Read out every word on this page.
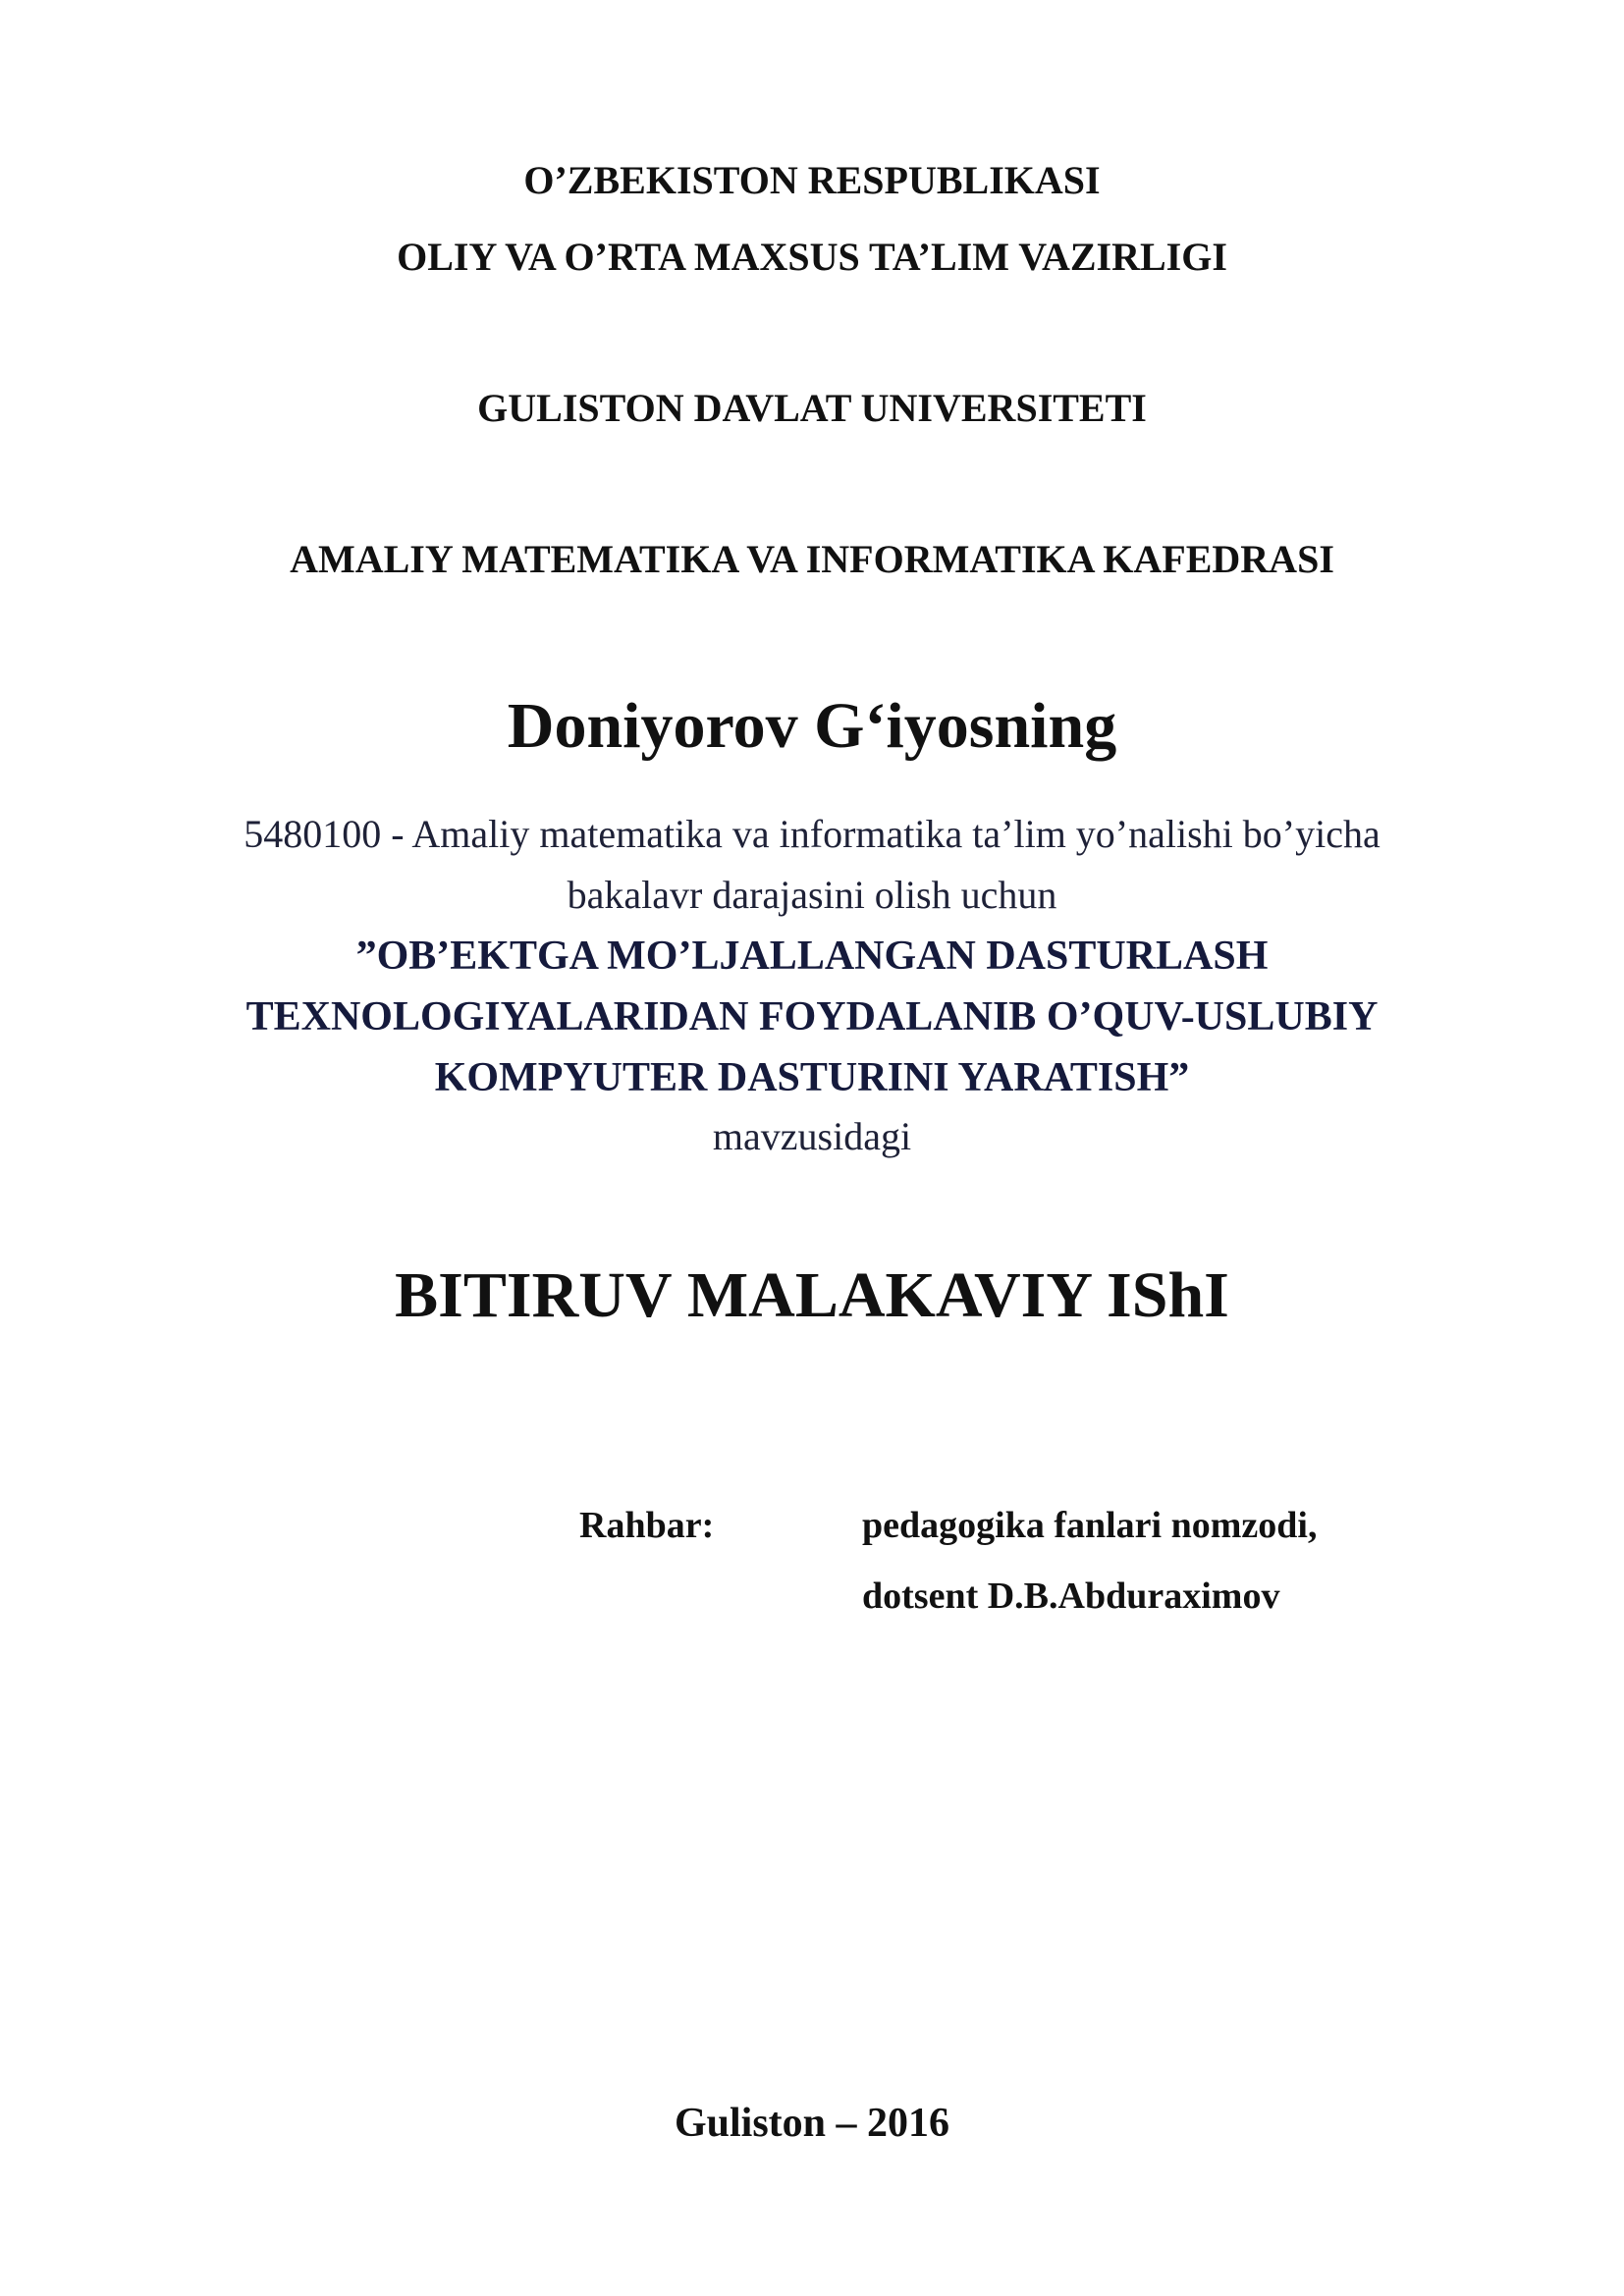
O’ZBEKISTON RESPUBLIKASI

OLIY VA O’RTA MAXSUS TA’LIM VAZIRLIGI

GULISTON DAVLAT UNIVERSITETI

AMALIY MATEMATIKA VA INFORMATIKA KAFEDRASI

Doniyorov G‘iyosning

5480100 - Amaliy matematika va informatika ta’lim yo’nalishi bo’yicha

bakalavr darajasini olish uchun

”OB’EKTGA MO’LJALLANGAN DASTURLASH

TEXNOLOGIYALARIDAN FOYDALANIB O’QUV-USLUBIY

KOMPYUTER DASTURINI YARATISH”

mavzusidagi

BITIRUV MALAKAVIY IShI

Rahbar:	pedagogika fanlari nomzodi,
dotsent D.B.Abduraximov

Guliston – 2016
